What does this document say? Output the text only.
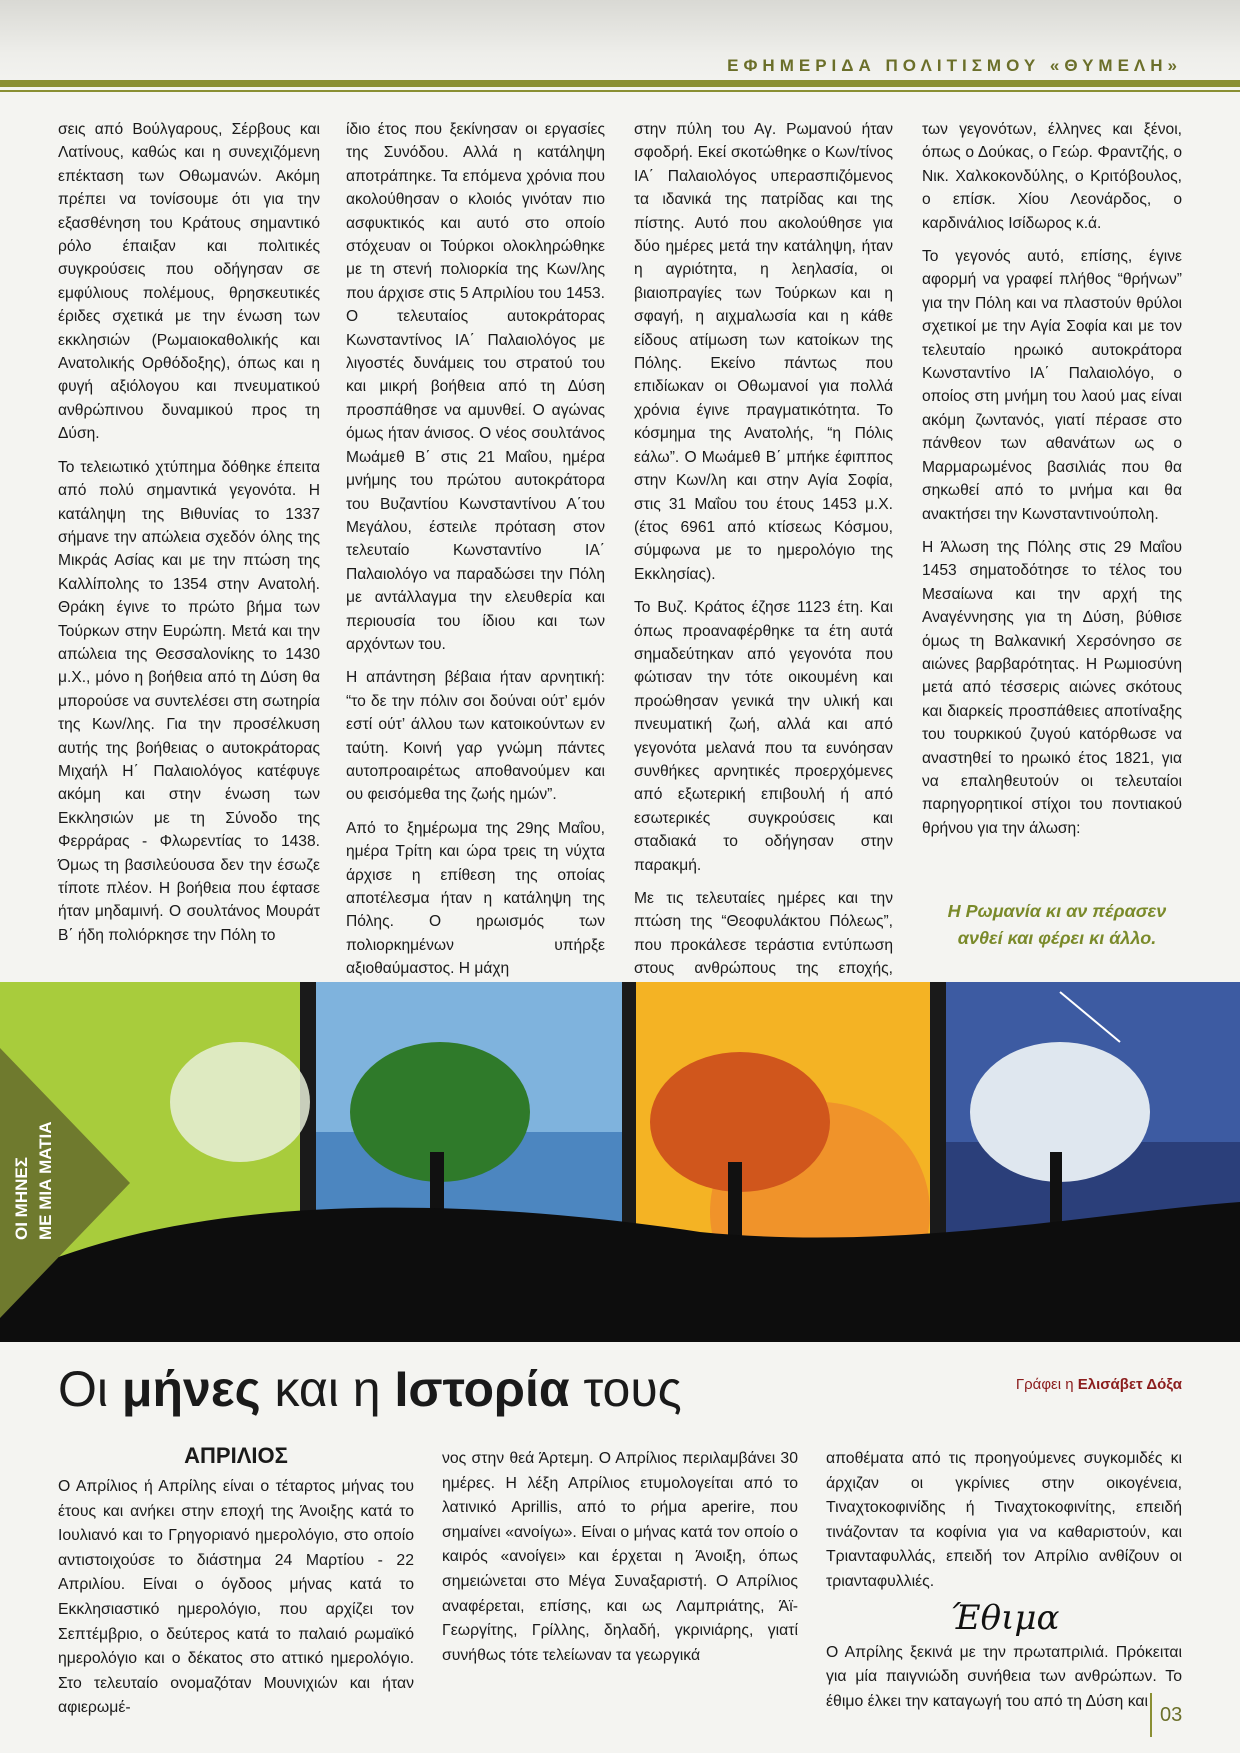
ΕΦΗΜΕΡΙΔΑ ΠΟΛΙΤΙΣΜΟΥ «ΘΥΜΕΛΗ»

σεις από Βούλγαρους, Σέρβους και Λατίνους, καθώς και η συνεχιζόμενη επέκταση των Οθωμανών. Ακόμη πρέπει να τονίσουμε ότι για την εξασθένηση του Κράτους σημαντικό ρόλο έπαιξαν και πολιτικές συγκρούσεις που οδήγησαν σε εμφύλιους πολέμους, θρησκευτικές έριδες σχετικά με την ένωση των εκκλησιών (Ρωμαιοκαθολικής και Ανατολικής Ορθόδοξης), όπως και η φυγή αξιόλογου και πνευματικού ανθρώπινου δυναμικού προς τη Δύση.

Το τελειωτικό χτύπημα δόθηκε έπειτα από πολύ σημαντικά γεγονότα. Η κατάληψη της Βιθυνίας το 1337 σήμανε την απώλεια σχεδόν όλης της Μικράς Ασίας και με την πτώση της Καλλίπολης το 1354 στην Ανατολή. Θράκη έγινε το πρώτο βήμα των Τούρκων στην Ευρώπη. Μετά και την απώλεια της Θεσσαλονίκης το 1430 μ.Χ., μόνο η βοήθεια από τη Δύση θα μπορούσε να συντελέσει στη σωτηρία της Κων/λης. Για την προσέλκυση αυτής της βοήθειας ο αυτοκράτορας Μιχαήλ Η΄ Παλαιολόγος κατέφυγε ακόμη και στην ένωση των Εκκλησιών με τη Σύνοδο της Φερράρας - Φλωρεντίας το 1438. Όμως τη βασιλεύουσα δεν την έσωζε τίποτε πλέον. Η βοήθεια που έφτασε ήταν μηδαμινή. Ο σουλτάνος Μουράτ Β΄ ήδη πολιόρκησε την Πόλη το

ίδιο έτος που ξεκίνησαν οι εργασίες της Συνόδου. Αλλά η κατάληψη αποτράπηκε. Τα επόμενα χρόνια που ακολούθησαν ο κλοιός γινόταν πιο ασφυκτικός και αυτό στο οποίο στόχευαν οι Τούρκοι ολοκληρώθηκε με τη στενή πολιορκία της Κων/λης που άρχισε στις 5 Απριλίου του 1453. Ο τελευταίος αυτοκράτορας Κωνσταντίνος ΙΑ΄ Παλαιολόγος με λιγοστές δυνάμεις του στρατού του και μικρή βοήθεια από τη Δύση προσπάθησε να αμυνθεί. Ο αγώνας όμως ήταν άνισος. Ο νέος σουλτάνος Μωάμεθ Β΄ στις 21 Μαΐου, ημέρα μνήμης του πρώτου αυτοκράτορα του Βυζαντίου Κωνσταντίνου Α΄του Μεγάλου, έστειλε πρόταση στον τελευταίο Κωνσταντίνο ΙΑ΄ Παλαιολόγο να παραδώσει την Πόλη με αντάλλαγμα την ελευθερία και περιουσία του ίδιου και των αρχόντων του.

Η απάντηση βέβαια ήταν αρνητική: “το δε την πόλιν σοι δούναι ούτ’ εμόν εστί ούτ’ άλλου των κατοικούντων εν ταύτη. Κοινή γαρ γνώμη πάντες αυτοπροαιρέτως αποθανούμεν και ου φεισόμεθα της ζωής ημών”.

Από το ξημέρωμα της 29ης Μαΐου, ημέρα Τρίτη και ώρα τρεις τη νύχτα άρχισε η επίθεση της οποίας αποτέλεσμα ήταν η κατάληψη της Πόλης. Ο ηρωισμός των πολιορκημένων υπήρξε αξιοθαύμαστος. Η μάχη

στην πύλη του Αγ. Ρωμανού ήταν σφοδρή. Εκεί σκοτώθηκε ο Κων/τίνος ΙΑ΄ Παλαιολόγος υπερασπιζόμενος τα ιδανικά της πατρίδας και της πίστης. Αυτό που ακολούθησε για δύο ημέρες μετά την κατάληψη, ήταν η αγριότητα, η λεηλασία, οι βιαιοπραγίες των Τούρκων και η σφαγή, η αιχμαλωσία και η κάθε είδους ατίμωση των κατοίκων της Πόλης. Εκείνο πάντως που επιδίωκαν οι Οθωμανοί για πολλά χρόνια έγινε πραγματικότητα. Το κόσμημα της Ανατολής, “η Πόλις εάλω”. Ο Μωάμεθ Β΄ μπήκε έφιππος στην Κων/λη και στην Αγία Σοφία, στις 31 Μαΐου του έτους 1453 μ.Χ. (έτος 6961 από κτίσεως Κόσμου, σύμφωνα με το ημερολόγιο της Εκκλησίας).

Το Βυζ. Κράτος έζησε 1123 έτη. Και όπως προαναφέρθηκε τα έτη αυτά σημαδεύτηκαν από γεγονότα που φώτισαν την τότε οικουμένη και προώθησαν γενικά την υλική και πνευματική ζωή, αλλά και από γεγονότα μελανά που τα ευνόησαν συνθήκες αρνητικές προερχόμενες από εξωτερική επιβουλή ή από εσωτερικές συγκρούσεις και σταδιακά το οδήγησαν στην παρακμή.

Με τις τελευταίες ημέρες και την πτώση της “Θεοφυλάκτου Πόλεως”, που προκάλεσε τεράστια εντύπωση στους ανθρώπους της εποχής,

των γεγονότων, έλληνες και ξένοι, όπως ο Δούκας, ο Γεώρ. Φραντζής, ο Νικ. Χαλκοκονδύλης, ο Κριτόβουλος, ο επίσκ. Χίου Λεονάρδος, ο καρδινάλιος Ισίδωρος κ.ά.

Το γεγονός αυτό, επίσης, έγινε αφορμή να γραφεί πλήθος “θρήνων” για την Πόλη και να πλαστούν θρύλοι σχετικοί με την Αγία Σοφία και με τον τελευταίο ηρωικό αυτοκράτορα Κωνσταντίνο ΙΑ΄ Παλαιολόγο, ο οποίος στη μνήμη του λαού μας είναι ακόμη ζωντανός, γιατί πέρασε στο πάνθεον των αθανάτων ως ο Μαρμαρωμένος βασιλιάς που θα σηκωθεί από το μνήμα και θα ανακτήσει την Κωνσταντινούπολη.

Η Άλωση της Πόλης στις 29 Μαΐου 1453 σηματοδότησε το τέλος του Μεσαίωνα και την αρχή της Αναγέννησης για τη Δύση, βύθισε όμως τη Βαλκανική Χερσόνησο σε αιώνες βαρβαρότητας. Η Ρωμιοσύνη μετά από τέσσερις αιώνες σκότους και διαρκείς προσπάθειες αποτίναξης του τουρκικού ζυγού κατόρθωσε να αναστηθεί το ηρωικό έτος 1821, για να επαληθευτούν οι τελευταίοι παρηγορητικοί στίχοι του ποντιακού θρήνου για την άλωση:

Η Ρωμανία κι αν πέρασεν
ανθεί και φέρει κι άλλο.
ΟΙ ΜΗΝΕΣ ΜΕ ΜΙΑ ΜΑΤΙΑ
Οι μήνες και η Ιστορία τους	Γράφει η Ελισάβετ Δόξα
ΑΠΡΙΛΙΟΣ

Ο Απρίλιος ή Απρίλης είναι ο τέταρτος μήνας του έτους και ανήκει στην εποχή της Άνοιξης κατά το Ιουλιανό και το Γρηγοριανό ημερολόγιο, στο οποίο αντιστοιχούσε το διάστημα 24 Μαρτίου - 22 Απριλίου. Είναι ο όγδοος μήνας κατά το Εκκλησιαστικό ημερολόγιο, που αρχίζει τον Σεπτέμβριο, ο δεύτερος κατά το παλαιό ρωμαϊκό ημερολόγιο και ο δέκατος στο αττικό ημερολόγιο. Στο τελευταίο ονομαζόταν Μουνιχιών και ήταν αφιερωμέ-

νος στην θεά Άρτεμη. Ο Απρίλιος περιλαμβάνει 30 ημέρες. Η λέξη Απρίλιος ετυμολογείται από το λατινικό Aprillis, από το ρήμα aperire, που σημαίνει «ανοίγω». Είναι ο μήνας κατά τον οποίο ο καιρός «ανοίγει» και έρχεται η Άνοιξη, όπως σημειώνεται στο Μέγα Συναξαριστή. Ο Απρίλιος αναφέρεται, επίσης, και ως Λαμπριάτης, Άϊ-Γεωργίτης, Γρίλλης, δηλαδή, γκρινιάρης, γιατί συνήθως τότε τελείωναν τα γεωργικά

αποθέματα από τις προηγούμενες συγκομιδές κι άρχιζαν οι γκρίνιες στην οικογένεια, Τιναχτοκοφινίδης ή Τιναχτοκοφινίτης, επειδή τινάζονταν τα κοφίνια για να καθαριστούν, και Τριανταφυλλάς, επειδή τον Απρίλιο ανθίζουν οι τριανταφυλλιές.

Ο Απρίλης ξεκινά με την πρωταπριλιά. Πρόκειται για μία παιγνιώδη συνήθεια των ανθρώπων. Το έθιμο έλκει την καταγωγή του από τη Δύση και

Έθιμα
03
